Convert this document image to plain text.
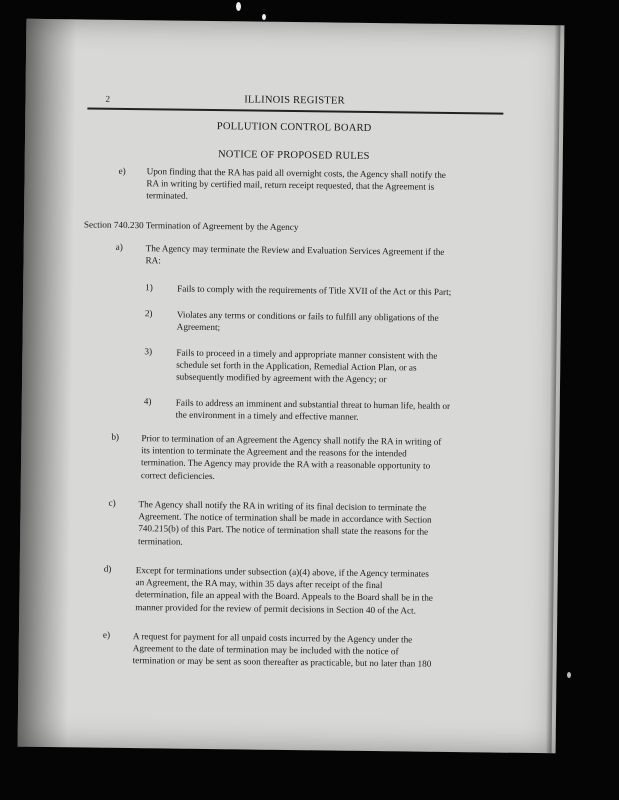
2	ILLINOIS REGISTER
POLLUTION CONTROL BOARD
NOTICE OF PROPOSED RULES
e) Upon finding that the RA has paid all overnight costs, the Agency shall notify the
RA in writing by certified mail, return receipt requested, that the Agreement is
terminated.
Section 740.230 Termination of Agreement by the Agency
a) The Agency may terminate the Review and Evaluation Services Agreement if the
RA:
1)	Fails to comply with the requirements of Title XVII of the Act or this Part;
2)	Violates any terms or conditions or fails to fulfill any obligations of the
Agreement;
3)	Fails to proceed in a timely and appropriate manner consistent with the
schedule set forth in the Application, Remedial Action Plan, or as
subsequently modified by agreement with the Agency; or
4)	Fails to address an imminent and substantial threat to human life, health or
the environment in a timely and effective manner.
b) Prior to termination of an Agreement the Agency shall notify the RA in writing of
its intention to terminate the Agreement and the reasons for the intended
termination. The Agency may provide the RA with a reasonable opportunity to
correct deficiencies.
c) The Agency shall notify the RA in writing of its final decision to terminate the
Agreement. The notice of termination shall be made in accordance with Section
740.215(b) of this Part. The notice of termination shall state the reasons for the
termination.
d)	Except for terminations under subsection (a)(4) above, if the Agency terminates
an Agreement, the RA may, within 35 days after receipt of the final
determination, file an appeal with the Board. Appeals to the Board shall be in the
manner provided for the review of permit decisions in Section 40 of the Act.
e) A request for payment for all unpaid costs incurred by the Agency under the
Agreement to the date of termination may be included with the notice of
termination or may be sent as soon thereafter as practicable, but no later than 180
